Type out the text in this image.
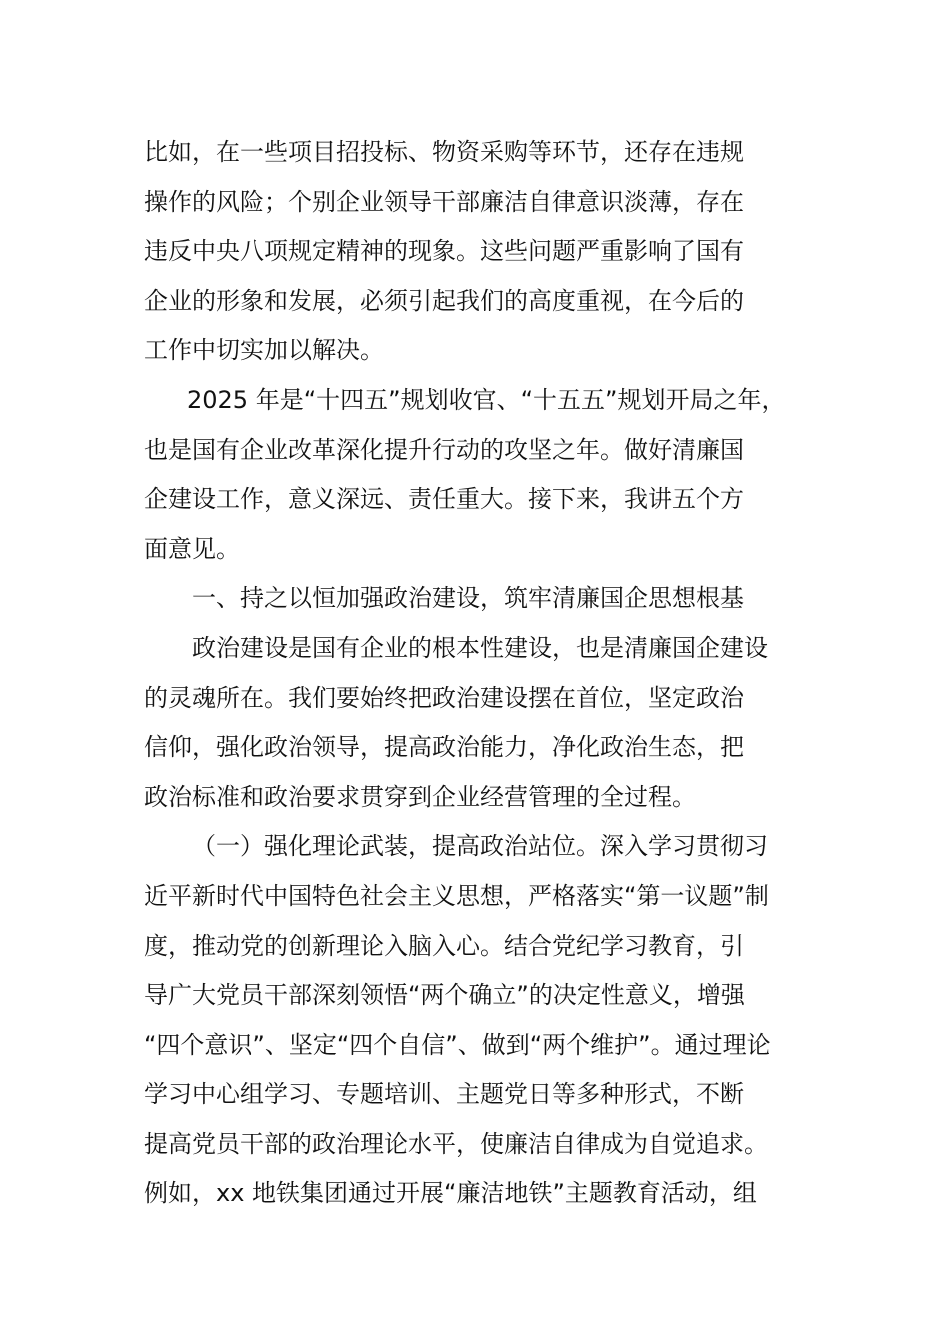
比如，在一些项目招投标、物资采购等环节，还存在违规
操作的风险；个别企业领导干部廉洁自律意识淡薄，存在
违反中央八项规定精神的现象。这些问题严重影响了国有
企业的形象和发展，必须引起我们的高度重视，在今后的
工作中切实加以解决。
2025 年是“十四五”规划收官、“十五五”规划开局之年，
也是国有企业改革深化提升行动的攻坚之年。做好清廉国
企建设工作，意义深远、责任重大。接下来，我讲五个方
面意见。
一、持之以恒加强政治建设，筑牢清廉国企思想根基
政治建设是国有企业的根本性建设，也是清廉国企建设
的灵魂所在。我们要始终把政治建设摆在首位，坚定政治
信仰，强化政治领导，提高政治能力，净化政治生态，把
政治标准和政治要求贯穿到企业经营管理的全过程。
（一）强化理论武装，提高政治站位。深入学习贯彻习
近平新时代中国特色社会主义思想，严格落实“第一议题”制
度，推动党的创新理论入脑入心。结合党纪学习教育，引
导广大党员干部深刻领悟“两个确立”的决定性意义，增强
“四个意识”、坚定“四个自信”、做到“两个维护”。通过理论
学习中心组学习、专题培训、主题党日等多种形式，不断
提高党员干部的政治理论水平，使廉洁自律成为自觉追求。
例如，xx 地铁集团通过开展“廉洁地铁”主题教育活动，组
